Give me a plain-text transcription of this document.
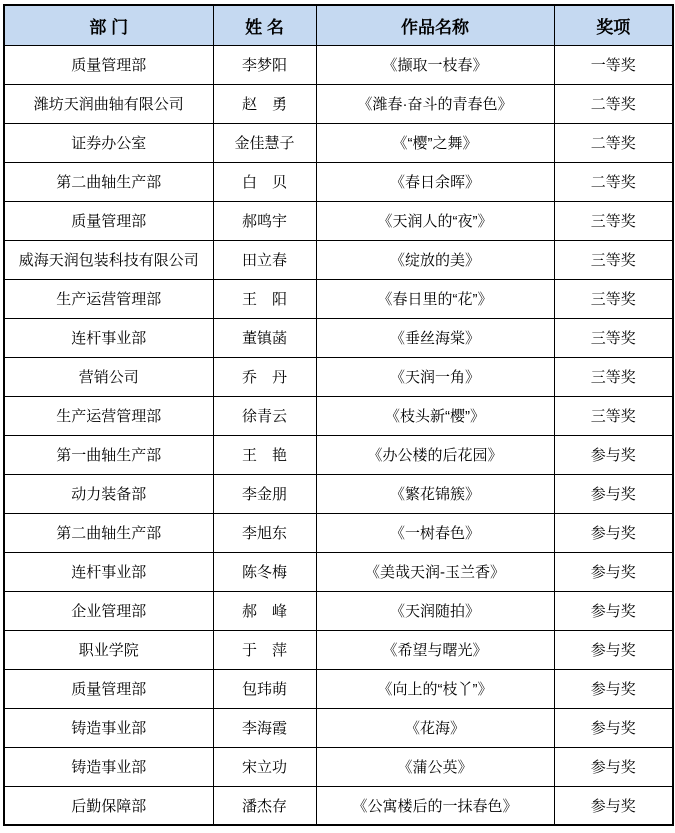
部 门	姓 名	作品名称	奖项
质量管理部	李梦阳	《撷取一枝春》	一等奖
潍坊天润曲轴有限公司	赵　勇	《潍春·奋斗的青春色》	二等奖
证券办公室	金佳慧子	《“樱”之舞》	二等奖
第二曲轴生产部	白　贝	《春日余晖》	二等奖
质量管理部	郝鸣宇	《天润人的“夜”》	三等奖
威海天润包装科技有限公司	田立春	《绽放的美》	三等奖
生产运营管理部	王　阳	《春日里的“花”》	三等奖
连杆事业部	董镇菡	《垂丝海棠》	三等奖
营销公司	乔　丹	《天润一角》	三等奖
生产运营管理部	徐青云	《枝头新“樱”》	三等奖
第一曲轴生产部	王　艳	《办公楼的后花园》	参与奖
动力装备部	李金朋	《繁花锦簇》	参与奖
第二曲轴生产部	李旭东	《一树春色》	参与奖
连杆事业部	陈冬梅	《美哉天润-玉兰香》	参与奖
企业管理部	郝　峰	《天润随拍》	参与奖
职业学院	于　萍	《希望与曙光》	参与奖
质量管理部	包玮萌	《向上的“枝丫”》	参与奖
铸造事业部	李海霞	《花海》	参与奖
铸造事业部	宋立功	《蒲公英》	参与奖
后勤保障部	潘杰存	《公寓楼后的一抹春色》	参与奖
